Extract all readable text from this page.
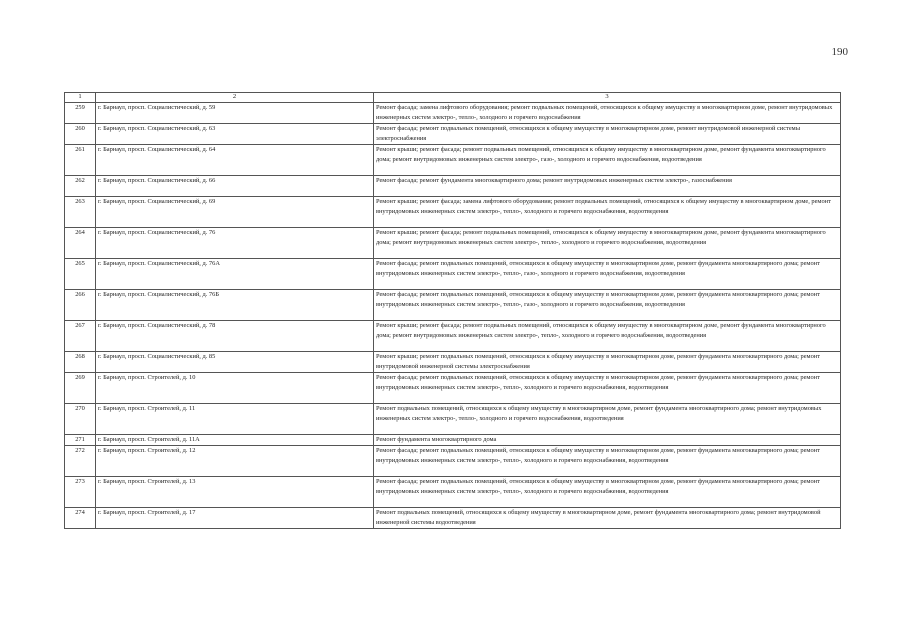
190
1	2	3
259	г. Барнаул, просп. Социалистический, д. 59	Ремонт фасада; замена лифтового оборудования; ремонт подвальных помещений, относящихся к общему имуществу в многоквартирном доме, ремонт внутридомовых инженерных систем электро-, тепло-, холодного и горячего водоснабжения
260	г. Барнаул, просп. Социалистический, д. 63	Ремонт фасада; ремонт подвальных помещений, относящихся к общему имуществу в многоквартирном доме, ремонт внутридомовой инженерной системы электроснабжения
261	г. Барнаул, просп. Социалистический, д. 64	Ремонт крыши; ремонт фасада; ремонт подвальных помещений, относящихся к общему имуществу в многоквартирном доме, ремонт фундамента многоквартирного дома; ремонт внутридомовых инженерных систем электро-, газо-, холодного и горячего водоснабжения, водоотведения
262	г. Барнаул, просп. Социалистический, д. 66	Ремонт фасада; ремонт фундамента многоквартирного дома; ремонт внутридомовых инженерных систем электро-, газоснабжения
263	г. Барнаул, просп. Социалистический, д. 69	Ремонт крыши; ремонт фасада; замена лифтового оборудования; ремонт подвальных помещений, относящихся к общему имуществу в многоквартирном доме, ремонт внутридомовых инженерных систем электро-, тепло-, холодного и горячего водоснабжения, водоотведения
264	г. Барнаул, просп. Социалистический, д. 76	Ремонт крыши; ремонт фасада; ремонт подвальных помещений, относящихся к общему имуществу в многоквартирном доме, ремонт фундамента многоквартирного дома; ремонт внутридомовых инженерных систем электро-, тепло-, холодного и горячего водоснабжения, водоотведения
265	г. Барнаул, просп. Социалистический, д. 76А	Ремонт фасада; ремонт подвальных помещений, относящихся к общему имуществу в многоквартирном доме, ремонт фундамента многоквартирного дома; ремонт внутридомовых инженерных систем электро-, тепло-, газо-, холодного и горячего водоснабжения, водоотведения
266	г. Барнаул, просп. Социалистический, д. 76Б	Ремонт фасада; ремонт подвальных помещений, относящихся к общему имуществу в многоквартирном доме, ремонт фундамента многоквартирного дома; ремонт внутридомовых инженерных систем электро-, тепло-, газо-, холодного и горячего водоснабжения, водоотведения
267	г. Барнаул, просп. Социалистический, д. 78	Ремонт крыши; ремонт фасада; ремонт подвальных помещений, относящихся к общему имуществу в многоквартирном доме, ремонт фундамента многоквартирного дома; ремонт внутридомовых инженерных систем электро-, тепло-, холодного и горячего водоснабжения, водоотведения
268	г. Барнаул, просп. Социалистический, д. 85	Ремонт крыши; ремонт подвальных помещений, относящихся к общему имуществу в многоквартирном доме, ремонт фундамента многоквартирного дома; ремонт внутридомовой инженерной системы электроснабжения
269	г. Барнаул, просп. Строителей, д. 10	Ремонт фасада; ремонт подвальных помещений, относящихся к общему имуществу в многоквартирном доме, ремонт фундамента многоквартирного дома; ремонт внутридомовых инженерных систем электро-, тепло-, холодного и горячего водоснабжения, водоотведения
270	г. Барнаул, просп. Строителей, д. 11	Ремонт подвальных помещений, относящихся к общему имуществу в многоквартирном доме, ремонт фундамента многоквартирного дома; ремонт внутридомовых инженерных систем электро-, тепло-, холодного и горячего водоснабжения, водоотведения
271	г. Барнаул, просп. Строителей, д. 11А	Ремонт фундамента многоквартирного дома
272	г. Барнаул, просп. Строителей, д. 12	Ремонт фасада; ремонт подвальных помещений, относящихся к общему имуществу в многоквартирном доме, ремонт фундамента многоквартирного дома; ремонт внутридомовых инженерных систем электро-, тепло-, холодного и горячего водоснабжения, водоотведения
273	г. Барнаул, просп. Строителей, д. 13	Ремонт фасада; ремонт подвальных помещений, относящихся к общему имуществу в многоквартирном доме, ремонт фундамента многоквартирного дома; ремонт внутридомовых инженерных систем электро-, тепло-, холодного и горячего водоснабжения, водоотведения
274	г. Барнаул, просп. Строителей, д. 17	Ремонт подвальных помещений, относящихся к общему имуществу в многоквартирном доме, ремонт фундамента многоквартирного дома; ремонт внутридомовой инженерной системы водоотведения
